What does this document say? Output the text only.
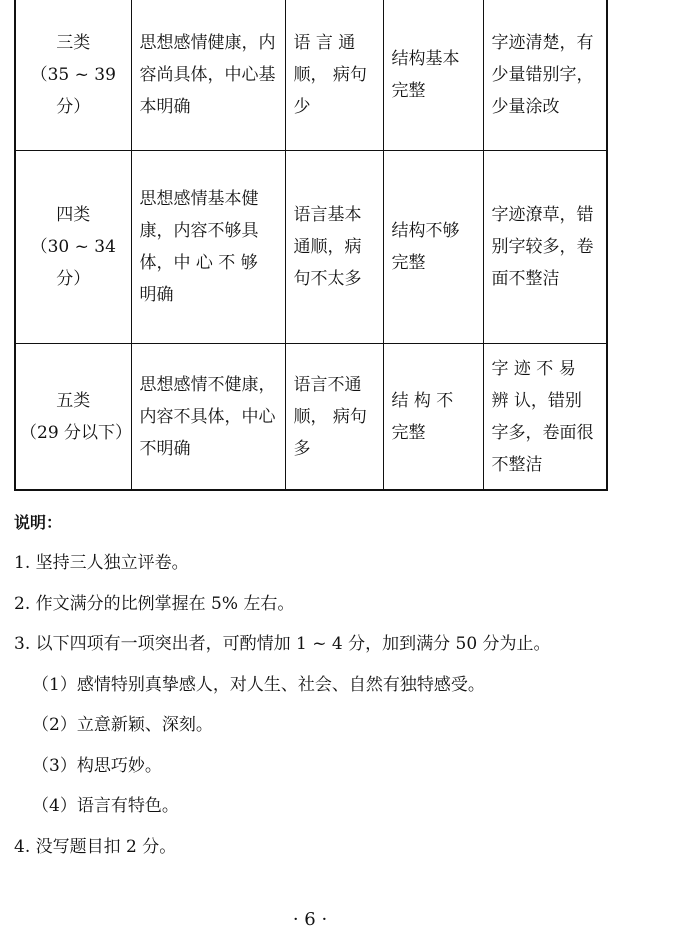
三类
（35 ~ 39 分）	思想感情健康，内容尚具体，中心基本明确	语 言 通 顺， 病句少	结构基本完整	字迹清楚，有少量错别字，少量涂改

四类
（30 ~ 34 分）	思想感情基本健康，内容不够具体，中 心 不 够 明确	语言基本通顺，病句不太多	结构不够完整	字迹潦草，错别字较多，卷面不整洁

五类
（29 分以下）	思想感情不健康，内容不具体，中心不明确	语言不通顺， 病句多	结 构 不 完整	字 迹 不 易 辨 认，错别字多，卷面很不整洁
说明：
1. 坚持三人独立评卷。
2. 作文满分的比例掌握在 5% 左右。
3. 以下四项有一项突出者，可酌情加 1 ~ 4 分，加到满分 50 分为止。
（1）感情特别真挚感人，对人生、社会、自然有独特感受。
（2）立意新颖、深刻。
（3）构思巧妙。
（4）语言有特色。
4. 没写题目扣 2 分。
· 6 ·
